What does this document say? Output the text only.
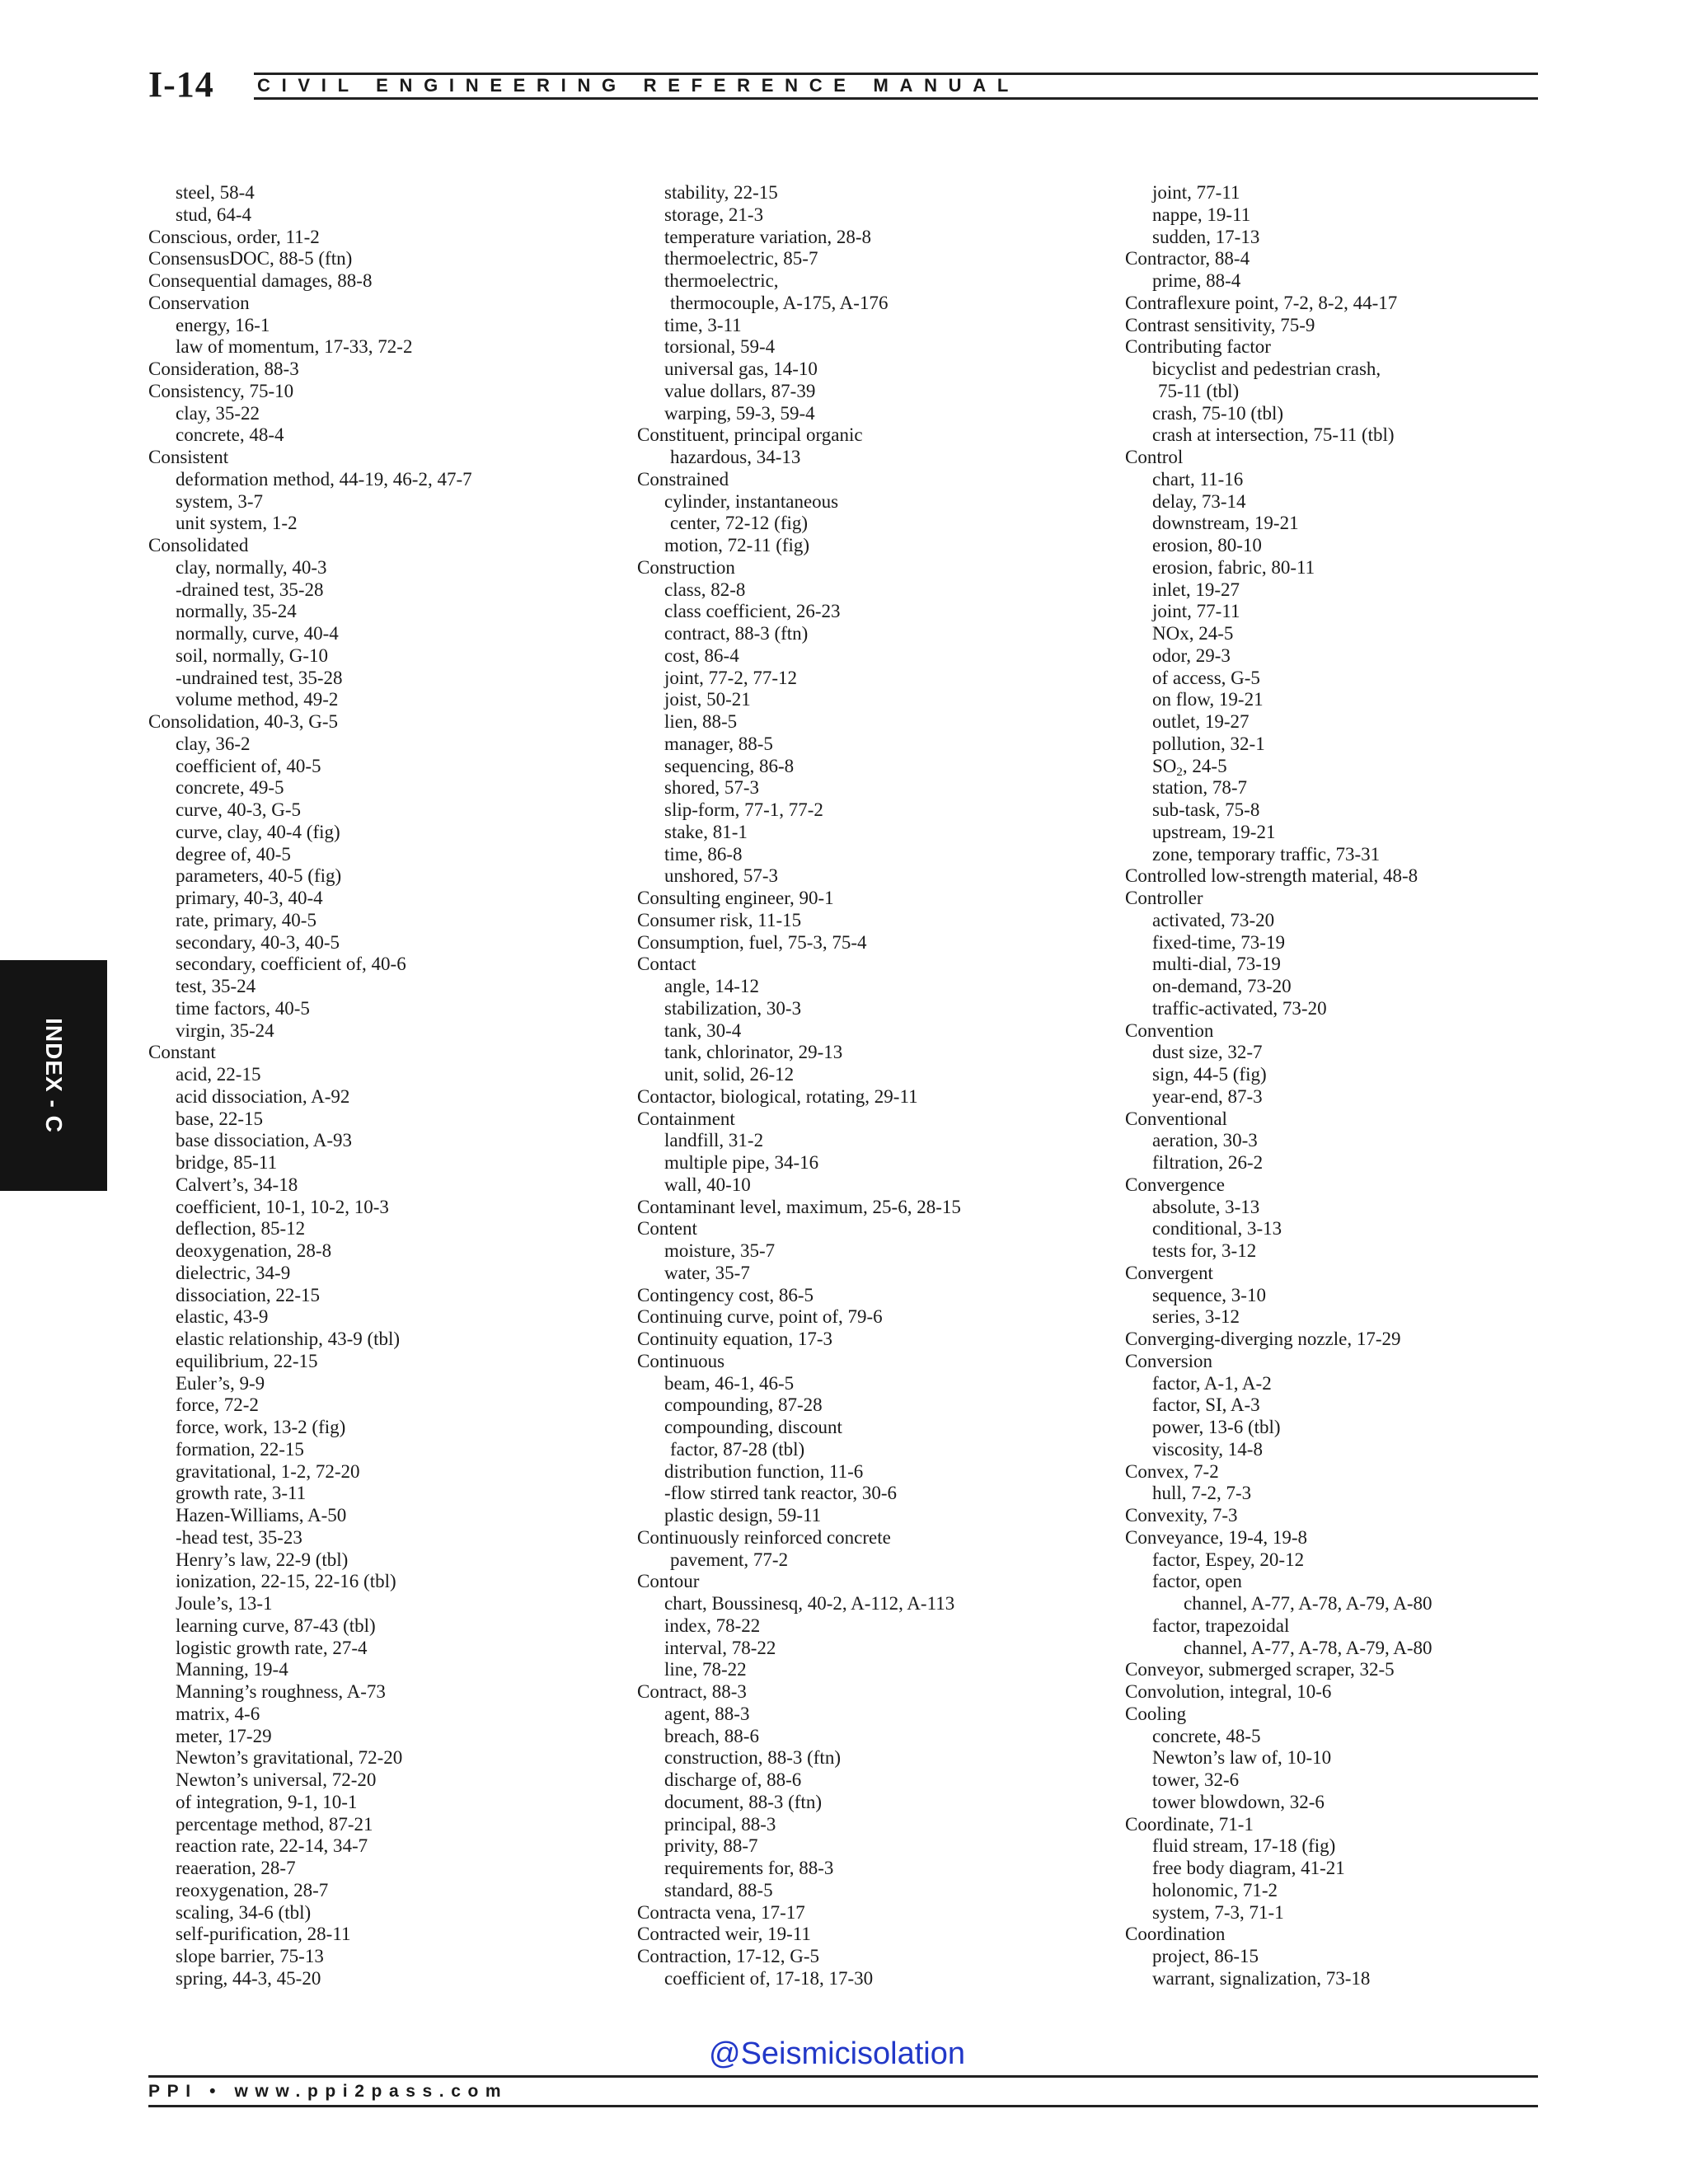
I-14 CIVIL ENGINEERING REFERENCE MANUAL
steel, 58-4
stud, 64-4
Conscious, order, 11-2
ConsensusDOC, 88-5 (ftn)
Consequential damages, 88-8
Conservation
energy, 16-1
law of momentum, 17-33, 72-2
Consideration, 88-3
Consistency, 75-10
clay, 35-22
concrete, 48-4
Consistent
deformation method, 44-19, 46-2, 47-7
system, 3-7
unit system, 1-2
Consolidated
clay, normally, 40-3
-drained test, 35-28
normally, 35-24
normally, curve, 40-4
soil, normally, G-10
-undrained test, 35-28
volume method, 49-2
Consolidation, 40-3, G-5
clay, 36-2
coefficient of, 40-5
concrete, 49-5
curve, 40-3, G-5
curve, clay, 40-4 (fig)
degree of, 40-5
parameters, 40-5 (fig)
primary, 40-3, 40-4
rate, primary, 40-5
secondary, 40-3, 40-5
secondary, coefficient of, 40-6
test, 35-24
time factors, 40-5
virgin, 35-24
Constant
acid, 22-15
acid dissociation, A-92
base, 22-15
base dissociation, A-93
bridge, 85-11
Calvert’s, 34-18
coefficient, 10-1, 10-2, 10-3
deflection, 85-12
deoxygenation, 28-8
dielectric, 34-9
dissociation, 22-15
elastic, 43-9
elastic relationship, 43-9 (tbl)
equilibrium, 22-15
Euler’s, 9-9
force, 72-2
force, work, 13-2 (fig)
formation, 22-15
gravitational, 1-2, 72-20
growth rate, 3-11
Hazen-Williams, A-50
-head test, 35-23
Henry’s law, 22-9 (tbl)
ionization, 22-15, 22-16 (tbl)
Joule’s, 13-1
learning curve, 87-43 (tbl)
logistic growth rate, 27-4
Manning, 19-4
Manning’s roughness, A-73
matrix, 4-6
meter, 17-29
Newton’s gravitational, 72-20
Newton’s universal, 72-20
of integration, 9-1, 10-1
percentage method, 87-21
reaction rate, 22-14, 34-7
reaeration, 28-7
reoxygenation, 28-7
scaling, 34-6 (tbl)
self-purification, 28-11
slope barrier, 75-13
spring, 44-3, 45-20
stability, 22-15
storage, 21-3
temperature variation, 28-8
thermoelectric, 85-7
thermoelectric,
thermocouple, A-175, A-176
time, 3-11
torsional, 59-4
universal gas, 14-10
value dollars, 87-39
warping, 59-3, 59-4
Constituent, principal organic
hazardous, 34-13
Constrained
cylinder, instantaneous
center, 72-12 (fig)
motion, 72-11 (fig)
Construction
class, 82-8
class coefficient, 26-23
contract, 88-3 (ftn)
cost, 86-4
joint, 77-2, 77-12
joist, 50-21
lien, 88-5
manager, 88-5
sequencing, 86-8
shored, 57-3
slip-form, 77-1, 77-2
stake, 81-1
time, 86-8
unshored, 57-3
Consulting engineer, 90-1
Consumer risk, 11-15
Consumption, fuel, 75-3, 75-4
Contact
angle, 14-12
stabilization, 30-3
tank, 30-4
tank, chlorinator, 29-13
unit, solid, 26-12
Contactor, biological, rotating, 29-11
Containment
landfill, 31-2
multiple pipe, 34-16
wall, 40-10
Contaminant level, maximum, 25-6, 28-15
Content
moisture, 35-7
water, 35-7
Contingency cost, 86-5
Continuing curve, point of, 79-6
Continuity equation, 17-3
Continuous
beam, 46-1, 46-5
compounding, 87-28
compounding, discount
factor, 87-28 (tbl)
distribution function, 11-6
-flow stirred tank reactor, 30-6
plastic design, 59-11
Continuously reinforced concrete
pavement, 77-2
Contour
chart, Boussinesq, 40-2, A-112, A-113
index, 78-22
interval, 78-22
line, 78-22
Contract, 88-3
agent, 88-3
breach, 88-6
construction, 88-3 (ftn)
discharge of, 88-6
document, 88-3 (ftn)
principal, 88-3
privity, 88-7
requirements for, 88-3
standard, 88-5
Contracta vena, 17-17
Contracted weir, 19-11
Contraction, 17-12, G-5
coefficient of, 17-18, 17-30
joint, 77-11
nappe, 19-11
sudden, 17-13
Contractor, 88-4
prime, 88-4
Contraflexure point, 7-2, 8-2, 44-17
Contrast sensitivity, 75-9
Contributing factor
bicyclist and pedestrian crash,
75-11 (tbl)
crash, 75-10 (tbl)
crash at intersection, 75-11 (tbl)
Control
chart, 11-16
delay, 73-14
downstream, 19-21
erosion, 80-10
erosion, fabric, 80-11
inlet, 19-27
joint, 77-11
NOx, 24-5
odor, 29-3
of access, G-5
on flow, 19-21
outlet, 19-27
pollution, 32-1
$SO_2$, 24-5
station, 78-7
sub-task, 75-8
upstream, 19-21
zone, temporary traffic, 73-31
Controlled low-strength material, 48-8
Controller
activated, 73-20
fixed-time, 73-19
multi-dial, 73-19
on-demand, 73-20
traffic-activated, 73-20
Convention
dust size, 32-7
sign, 44-5 (fig)
year-end, 87-3
Conventional
aeration, 30-3
filtration, 26-2
Convergence
absolute, 3-13
conditional, 3-13
tests for, 3-12
Convergent
sequence, 3-10
series, 3-12
Converging-diverging nozzle, 17-29
Conversion
factor, A-1, A-2
factor, SI, A-3
power, 13-6 (tbl)
viscosity, 14-8
Convex, 7-2
hull, 7-2, 7-3
Convexity, 7-3
Conveyance, 19-4, 19-8
factor, Espey, 20-12
factor, open
channel, A-77, A-78, A-79, A-80
factor, trapezoidal
channel, A-77, A-78, A-79, A-80
Conveyor, submerged scraper, 32-5
Convolution, integral, 10-6
Cooling
concrete, 48-5
Newton’s law of, 10-10
tower, 32-6
tower blowdown, 32-6
Coordinate, 71-1
fluid stream, 17-18 (fig)
free body diagram, 41-21
holonomic, 71-2
system, 7-3, 71-1
Coordination
project, 86-15
warrant, signalization, 73-18
INDEX - C
@Seismicisolation
PPI • www.ppi2pass.com
